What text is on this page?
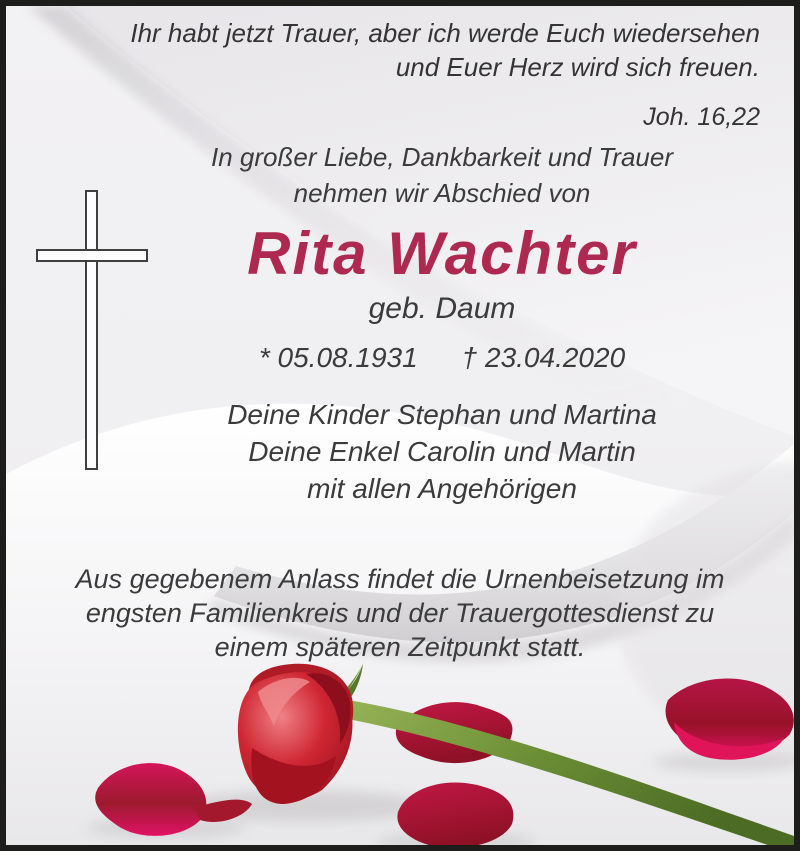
Ihr habt jetzt Trauer, aber ich werde Euch wiedersehen
und Euer Herz wird sich freuen.
Joh. 16,22
In großer Liebe, Dankbarkeit und Trauer
nehmen wir Abschied von
Rita Wachter
geb. Daum
* 05.08.1931 † 23.04.2020
Deine Kinder Stephan und Martina
Deine Enkel Carolin und Martin
mit allen Angehörigen
Aus gegebenem Anlass findet die Urnenbeisetzung im
engsten Familienkreis und der Trauergottesdienst zu
einem späteren Zeitpunkt statt.
